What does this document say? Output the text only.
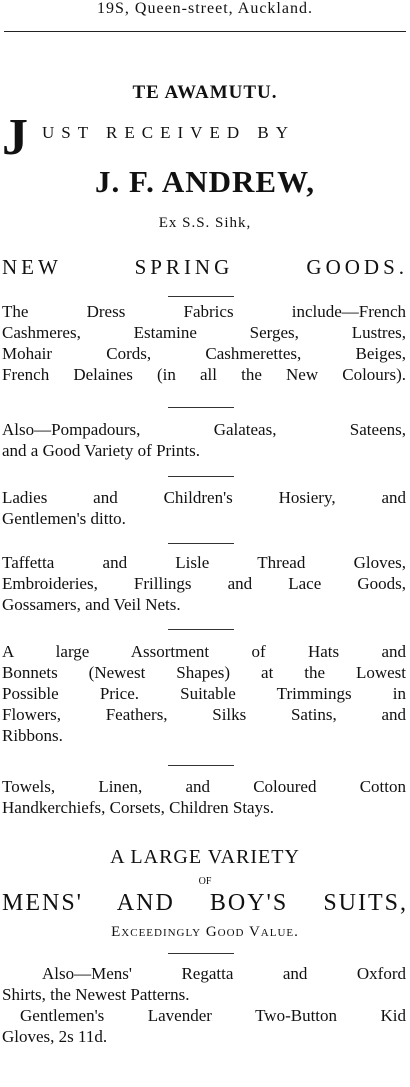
19S, Queen-street, Auckland.
TE AWAMUTU.
J UST RECEIVED BY
J. F. ANDREW,
Ex S.S. Sihk,
NEW SPRING GOODS.
The Dress Fabrics include—French
Cashmeres, Estamine Serges, Lustres,
Mohair Cords, Cashmerettes, Beiges,
French Delaines (in all the New Colours).
Also—Pompadours, Galateas, Sateens,
and a Good Variety of Prints.
Ladies and Children's Hosiery, and
Gentlemen's ditto.
Taffetta and Lisle Thread Gloves,
Embroideries, Frillings and Lace Goods,
Gossamers, and Veil Nets.
A large Assortment of Hats and
Bonnets (Newest Shapes) at the Lowest
Possible Price. Suitable Trimmings in
Flowers, Feathers, Silks Satins, and
Ribbons.
Towels, Linen, and Coloured Cotton
Handkerchiefs, Corsets, Children Stays.
A LARGE VARIETY
OF
MENS' AND BOY'S SUITS,
Exceedingly Good Value.
Also—Mens' Regatta and Oxford
Shirts, the Newest Patterns.
Gentlemen's Lavender Two-Button Kid
Gloves, 2s 11d.
